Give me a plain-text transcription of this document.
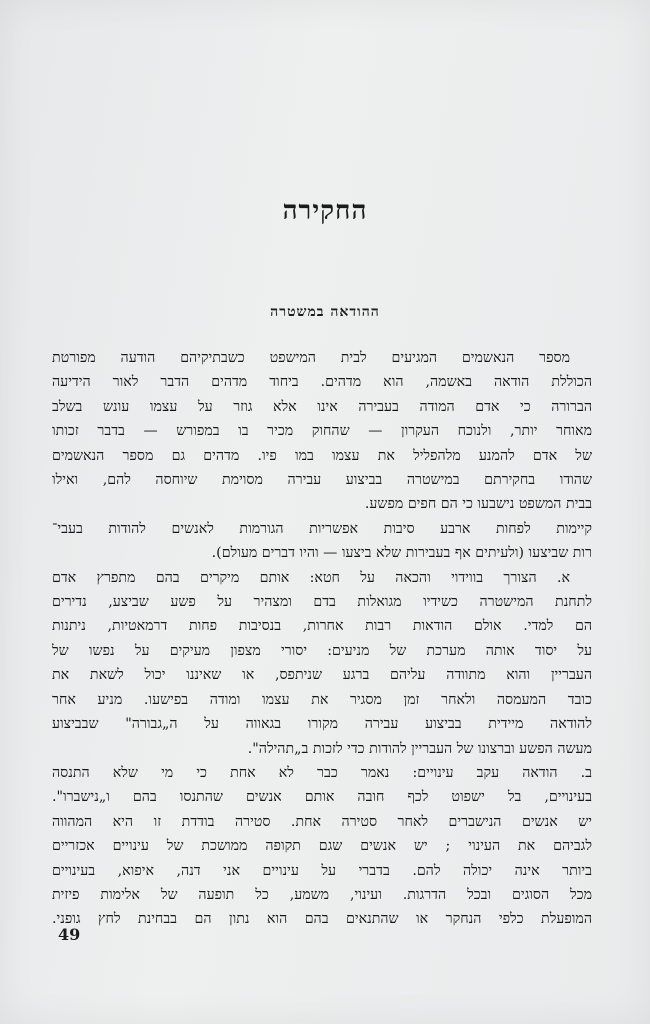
החקירה
ההודאה במשטרה
מספר הנאשמים המגיעים לבית המישפט כשבתיקיהם הודעה מפורטת
הכוללת הודאה באשמה, הוא מדהים. ביחוד מדהים הדבר לאור הידיעה
הברורה כי אדם המודה בעבירה אינו אלא גוזר על עצמו עונש בשלב
מאוחר יותר, ולנוכח העקרון — שהחוק מכיר בו במפורש — בדבר זכותו
של אדם להמנע מלהפליל את עצמו במו פיו. מדהים גם מספר הנאשמים
שהודו בחקירתם במישטרה בביצוע עבירה מסוימת שיוחסה להם, ואילו
בבית המשפט נישבעו כי הם חפים מפשע.
קיימות לפחות ארבע סיבות אפשריות הגורמות לאנשים להודות בעבי־
רות שביצעו (ולעיתים אף בעבירות שלא ביצעו — והיו דברים מעולם).
א. הצורך בווידוי והכאה על חטא: אותם מיקרים בהם מתפרץ אדם
לתחנת המישטרה כשידיו מגואלות בדם ומצהיר על פשע שביצע, נדירים
הם למדי. אולם הודאות רבות אחרות, בנסיבות פחות דרמאטיות, ניתנות
על יסוד אותה מערכת של מניעים: יסורי מצפון מעיקים על נפשו של
העבריין והוא מתוודה עליהם ברגע שניתפס, או שאיננו יכול לשאת את
כובד המעמסה ולאחר זמן מסגיר את עצמו ומודה בפישעו. מניע אחר
להודאה מיידית בביצוע עבירה מקורו בגאווה על ה„גבורה" שבביצוע
מעשה הפשע וברצונו של העבריין להודות כדי לזכות ב„תהילה".
ב. הודאה עקב עינויים: נאמר כבר לא אחת כי מי שלא התנסה
בעינויים, בל ישפוט לכף חובה אותם אנשים שהתנסו בהם ו„נישברו".
יש אנשים הנישברים לאחר סטירה אחת. סטירה בודדת זו היא המהווה
לגביהם את העינוי ; יש אנשים שגם תקופה ממושכת של עינויים אכזריים
ביותר אינה יכולה להם. בדברי על עינויים אני דנה, איפוא, בעינויים
מכל הסוגים ובכל הדרגות. ועינוי, משמע, כל תופעה של אלימות פיזית
המופעלת כלפי הנחקר או שהתנאים בהם הוא נתון הם בבחינת לחץ גופני.
49
